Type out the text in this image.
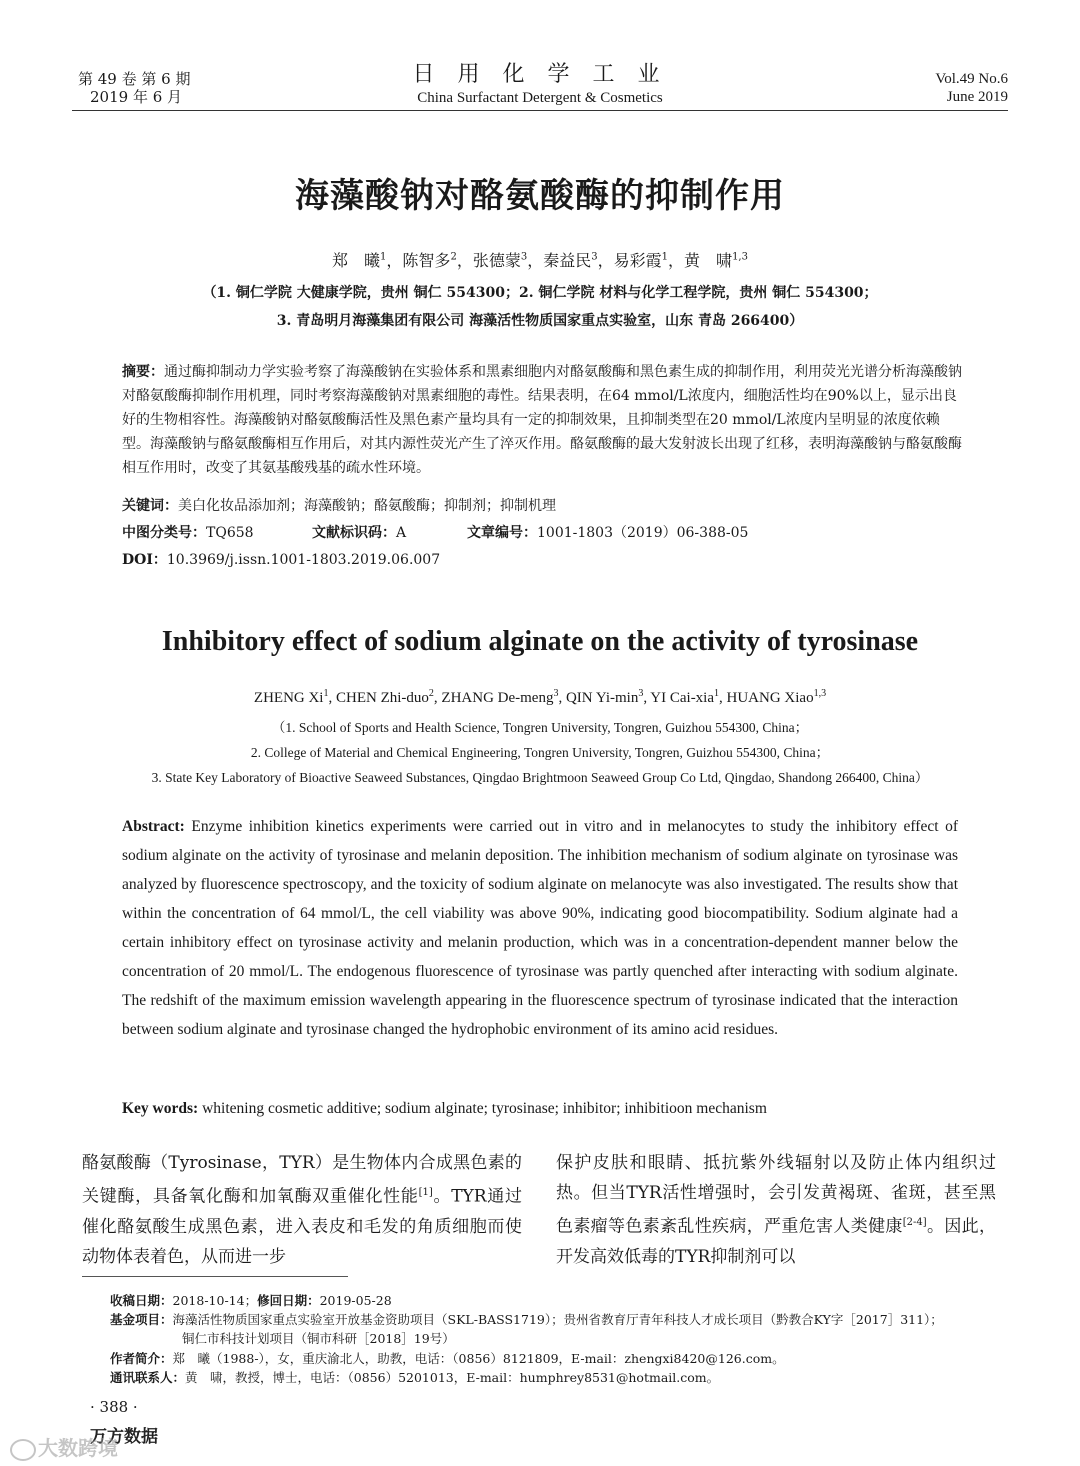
第 49 卷 第 6 期
2019 年 6 月
日 用 化 学 工 业
China Surfactant Detergent & Cosmetics
Vol.49 No.6
June 2019
海藻酸钠对酪氨酸酶的抑制作用
郑　曦$^1$，陈智多$^2$，张德蒙$^3$，秦益民$^3$，易彩霞$^1$，黄　啸$^{1,3}$
（1. 铜仁学院 大健康学院，贵州 铜仁 554300；2. 铜仁学院 材料与化学工程学院，贵州 铜仁 554300；
3. 青岛明月海藻集团有限公司 海藻活性物质国家重点实验室，山东 青岛 266400）
摘要：通过酶抑制动力学实验考察了海藻酸钠在实验体系和黑素细胞内对酪氨酸酶和黑色素生成的抑制作用，利用荧光光谱分析海藻酸钠对酪氨酸酶抑制作用机理，同时考察海藻酸钠对黑素细胞的毒性。结果表明，在64 mmol/L浓度内，细胞活性均在90%以上，显示出良好的生物相容性。海藻酸钠对酪氨酸酶活性及黑色素产量均具有一定的抑制效果，且抑制类型在20 mmol/L浓度内呈明显的浓度依赖型。海藻酸钠与酪氨酸酶相互作用后，对其内源性荧光产生了淬灭作用。酪氨酸酶的最大发射波长出现了红移，表明海藻酸钠与酪氨酸酶相互作用时，改变了其氨基酸残基的疏水性环境。
关键词：美白化妆品添加剂；海藻酸钠；酪氨酸酶；抑制剂；抑制机理
中图分类号：TQ658	文献标识码：A	文章编号：1001-1803（2019）06-388-05
DOI：10.3969/j.issn.1001-1803.2019.06.007
Inhibitory effect of sodium alginate on the activity of tyrosinase
ZHENG Xi$^1$, CHEN Zhi-duo$^2$, ZHANG De-meng$^3$, QIN $Yi-\min^3$, YI Cai-xia$^1$, HUANG Xiao$^{1,3}$
（1. School of Sports and Health Science, Tongren University, Tongren, Guizhou 554300, China；
2. College of Material and Chemical Engineering, Tongren University, Tongren, Guizhou 554300, China；
3. State Key Laboratory of Bioactive Seaweed Substances, Qingdao Brightmoon Seaweed Group Co Ltd, Qingdao, Shandong 266400, China）
Abstract: Enzyme inhibition kinetics experiments were carried out in vitro and in melanocytes to study the inhibitory effect of sodium alginate on the activity of tyrosinase and melanin deposition. The inhibition mechanism of sodium alginate on tyrosinase was analyzed by fluorescence spectroscopy, and the toxicity of sodium alginate on melanocyte was also investigated. The results show that within the concentration of 64 mmol/L, the cell viability was above 90%, indicating good biocompatibility. Sodium alginate had a certain inhibitory effect on tyrosinase activity and melanin production, which was in a concentration-dependent manner below the concentration of 20 mmol/L. The endogenous fluorescence of tyrosinase was partly quenched after interacting with sodium alginate. The redshift of the maximum emission wavelength appearing in the fluorescence spectrum of tyrosinase indicated that the interaction between sodium alginate and tyrosinase changed the hydrophobic environment of its amino acid residues.
Key words: whitening cosmetic additive; sodium alginate; tyrosinase; inhibitor; inhibitioon mechanism
酪氨酸酶（Tyrosinase，TYR）是生物体内合成黑色素的关键酶，具备氧化酶和加氧酶双重催化性能[1]。TYR通过催化酪氨酸生成黑色素，进入表皮和毛发的角质细胞而使动物体表着色，从而进一步
保护皮肤和眼睛、抵抗紫外线辐射以及防止体内组织过热。但当TYR活性增强时，会引发黄褐斑、雀斑，甚至黑色素瘤等色素紊乱性疾病，严重危害人类健康[2-4]。因此，开发高效低毒的TYR抑制剂可以
收稿日期：2018-10-14；修回日期：2019-05-28
基金项目：海藻活性物质国家重点实验室开放基金资助项目（SKL-BASS1719）；贵州省教育厅青年科技人才成长项目（黔教合KY字［2017］311）；
铜仁市科技计划项目（铜市科研［2018］19号）
作者简介：郑　曦（1988-），女，重庆渝北人，助教，电话：（0856）8121809，E-mail：zhengxi8420@126.com。
通讯联系人：黄　啸，教授，博士，电话：（0856）5201013，E-mail：humphrey8531@hotmail.com。
· 388 ·
万方数据
大数跨境
